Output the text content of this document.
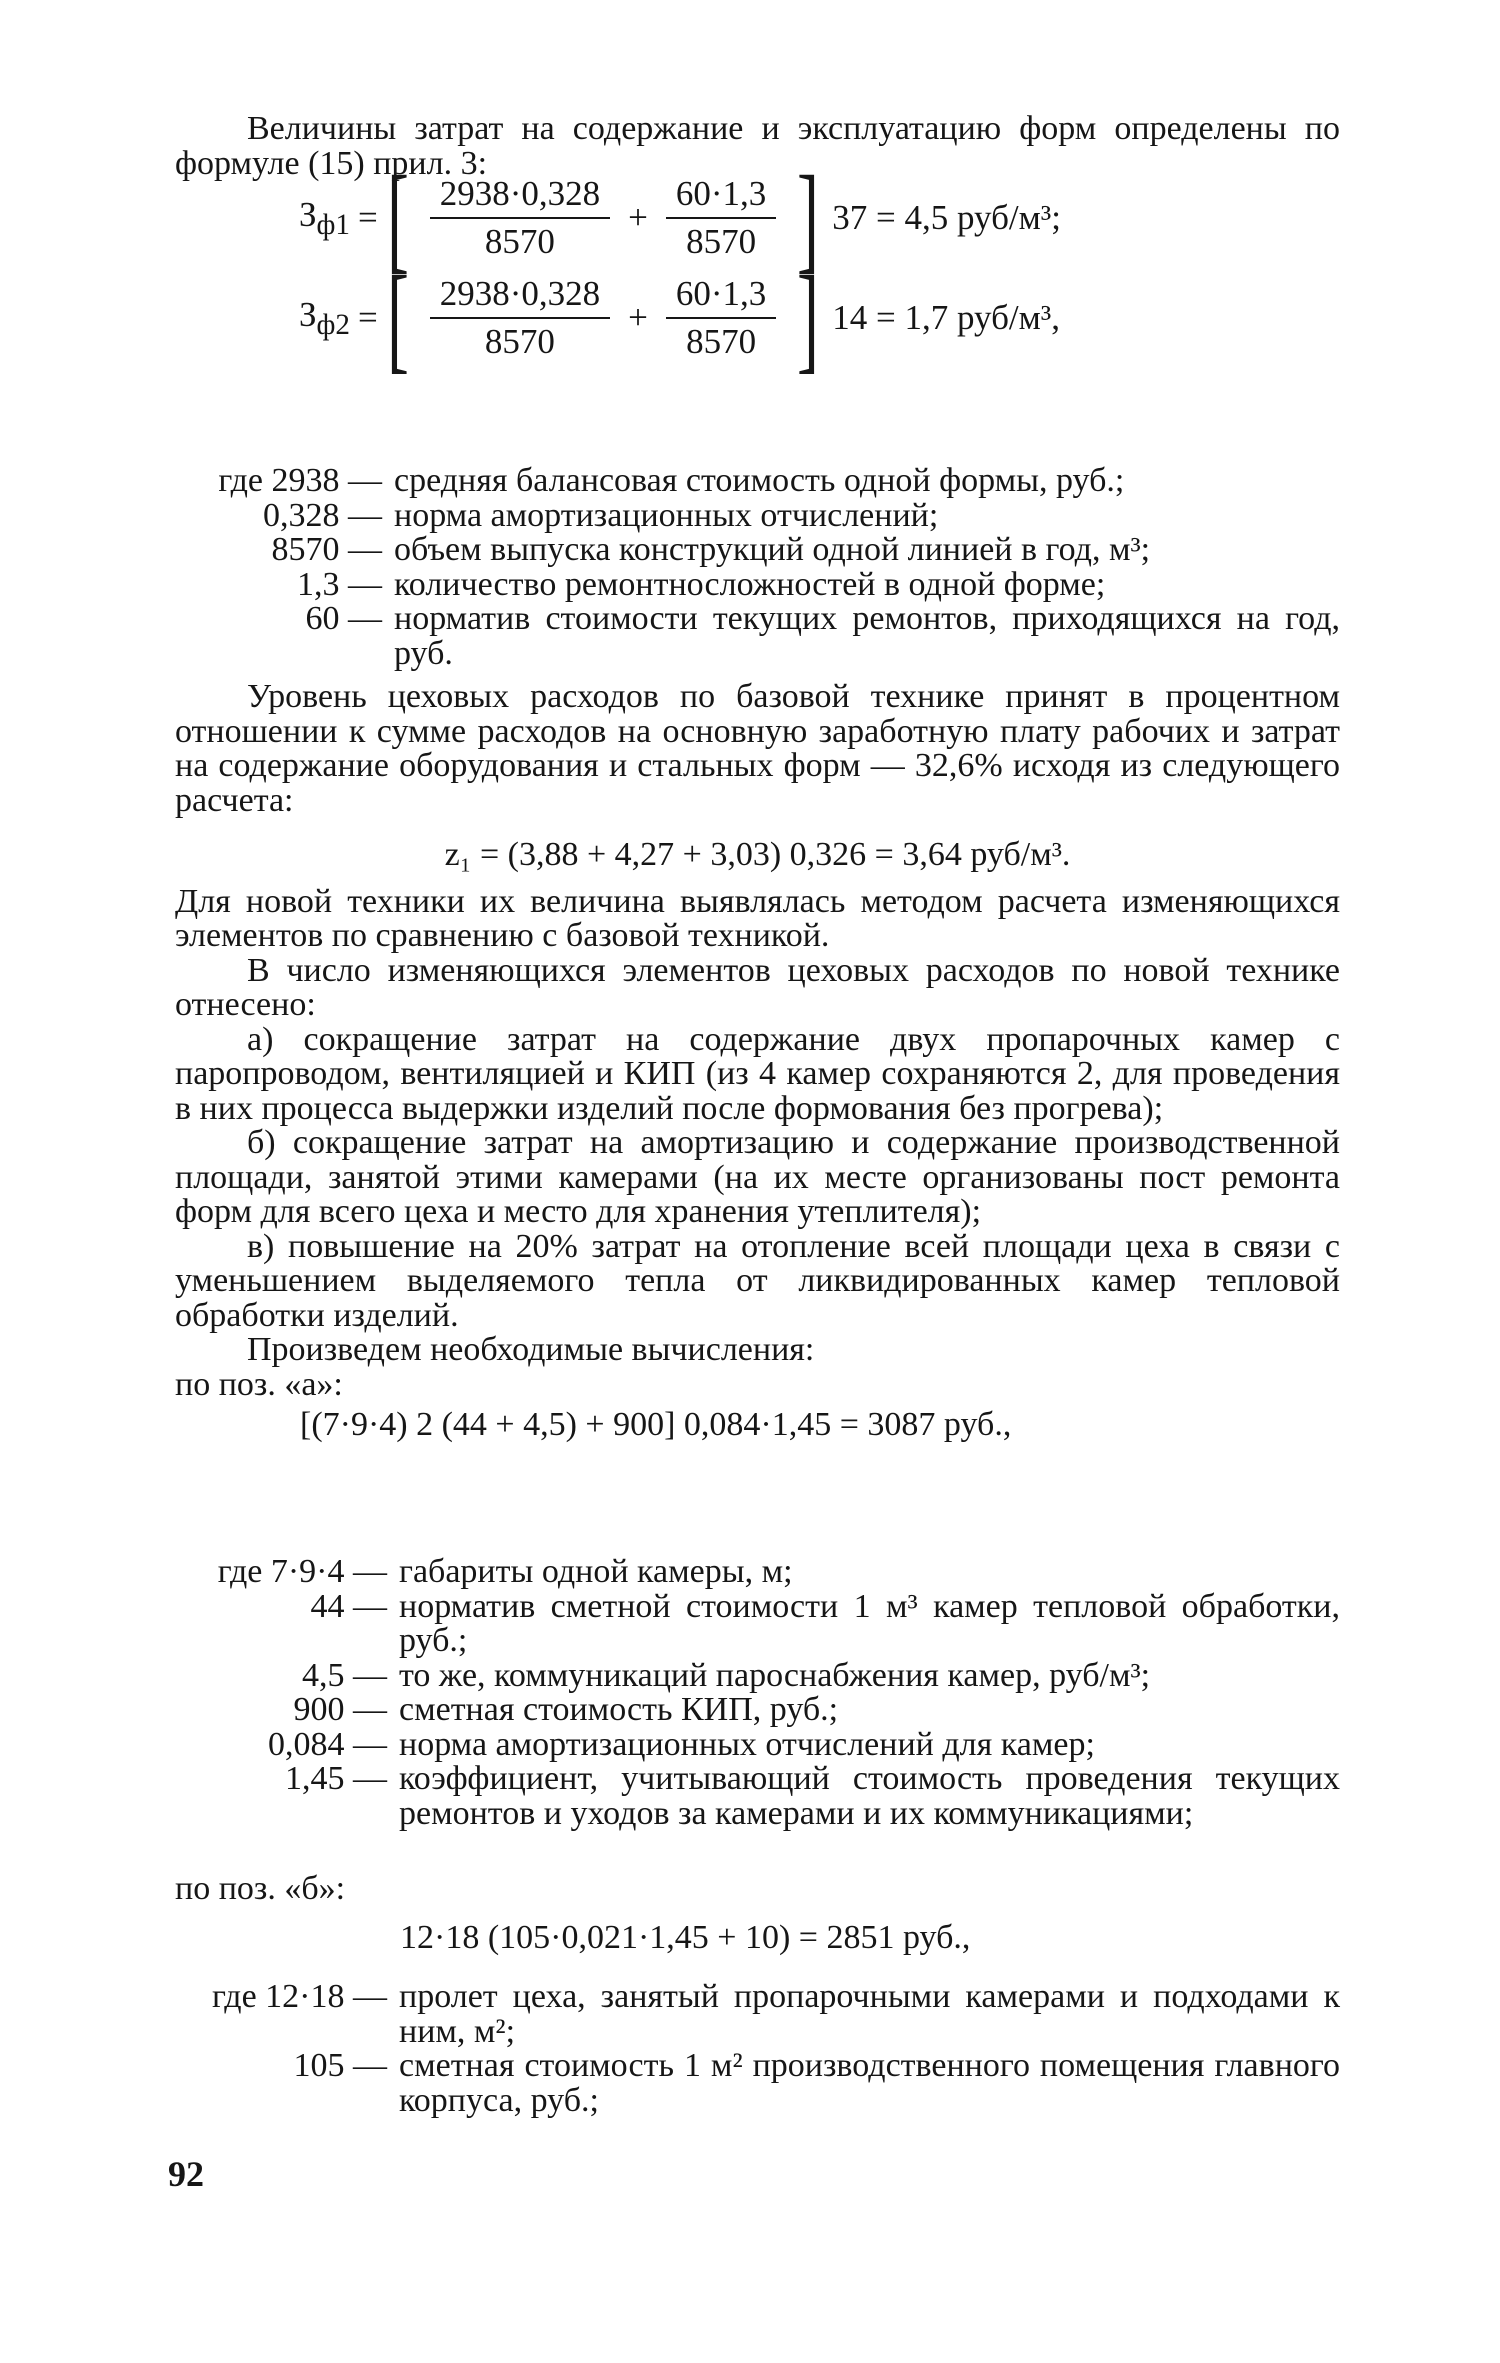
Величины затрат на содержание и эксплуатацию форм определены по формуле (15) прил. 3:

$З_{ф1}$ = [ $\frac{2938\cdot 0,328}{8570} + \frac{60\cdot 1,3}{8570}$ ] 37 = 4,5 руб/м³;
$З_{ф2}$ = [ $\frac{2938\cdot 0,328}{8570} + \frac{60\cdot 1,3}{8570}$ ] 14 = 1,7 руб/м³,
где 2938 — средняя балансовая стоимость одной формы, руб.;
0,328 — норма амортизационных отчислений;
8570 — объем выпуска конструкций одной линией в год, м³;
1,3 — количество ремонтносложностей в одной форме;
60 — норматив стоимости текущих ремонтов, приходящихся на год, руб.

Уровень цеховых расходов по базовой технике принят в процентном отношении к сумме расходов на основную заработную плату рабочих и затрат на содержание оборудования и стальных форм — 32,6% исходя из следующего расчета:

z₁ = (3,88 + 4,27 + 3,03) 0,326 = 3,64 руб/м³.

Для новой техники их величина выявлялась методом расчета изменяющихся элементов по сравнению с базовой техникой.

В число изменяющихся элементов цеховых расходов по новой технике отнесено:

а) сокращение затрат на содержание двух пропарочных камер с паропроводом, вентиляцией и КИП (из 4 камер сохраняются 2, для проведения в них процесса выдержки изделий после формования без прогрева);

б) сокращение затрат на амортизацию и содержание производственной площади, занятой этими камерами (на их месте организованы пост ремонта форм для всего цеха и место для хранения утеплителя);

в) повышение на 20% затрат на отопление всей площади цеха в связи с уменьшением выделяемого тепла от ликвидированных камер тепловой обработки изделий.

Произведем необходимые вычисления:

по поз. «а»:

[(7·9·4) 2 (44 + 4,5) + 900] 0,084·1,45 = 3087 руб.,

где 7·9·4 — габариты одной камеры, м;
44 — норматив сметной стоимости 1 м³ камер тепловой обработки, руб.;
4,5 — то же, коммуникаций пароснабжения камер, руб/м³;
900 — сметная стоимость КИП, руб.;
0,084 — норма амортизационных отчислений для камер;
1,45 — коэффициент, учитывающий стоимость проведения текущих ремонтов и уходов за камерами и их коммуникациями;

по поз. «б»:

12·18 (105·0,021·1,45 + 10) = 2851 руб.,

где 12·18 — пролет цеха, занятый пропарочными камерами и подходами к ним, м²;
105 — сметная стоимость 1 м² производственного помещения главного корпуса, руб.;
92
